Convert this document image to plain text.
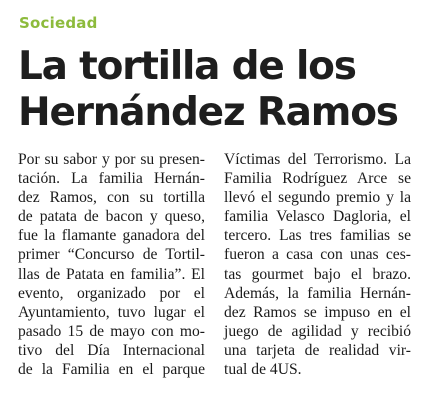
Sociedad
La tortilla de los
Hernández Ramos
Por su sabor y por su presen-
tación. La familia Hernán-
dez Ramos, con su tortilla
de patata de bacon y queso,
fue la flamante ganadora del
primer “Concurso de Tortil-
llas de Patata en familia”. El
evento, organizado por el
Ayuntamiento, tuvo lugar el
pasado 15 de mayo con mo-
tivo del Día Internacional
de la Familia en el parque
Víctimas del Terrorismo. La
Familia Rodríguez Arce se
llevó el segundo premio y la
familia Velasco Dagloria, el
tercero. Las tres familias se
fueron a casa con unas ces-
tas gourmet bajo el brazo.
Además, la familia Hernán-
dez Ramos se impuso en el
juego de agilidad y recibió
una tarjeta de realidad vir-
tual de 4US.
